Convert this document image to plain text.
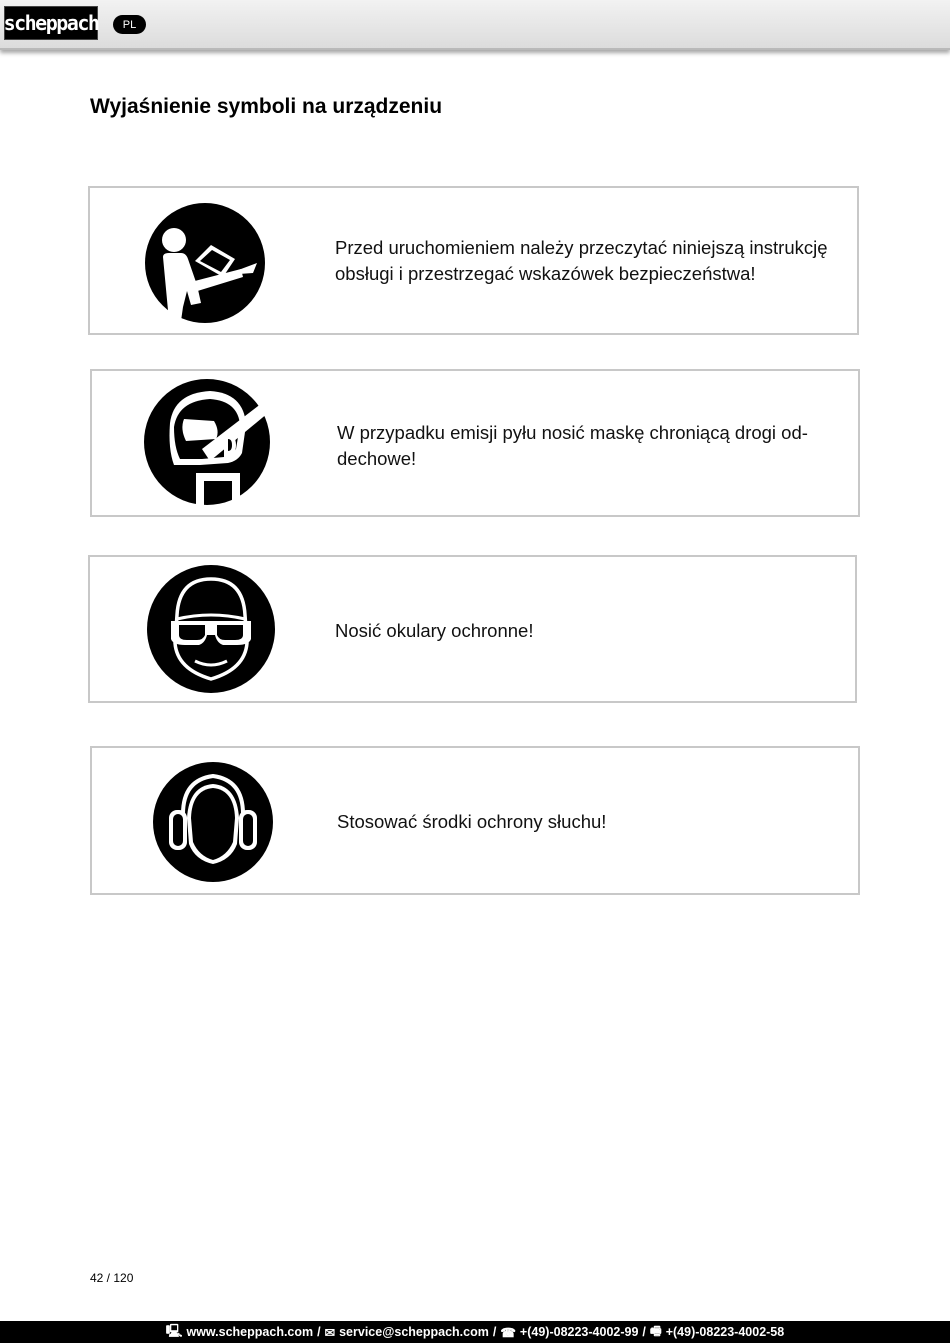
scheppach	PL
Wyjaśnienie symboli na urządzeniu
Przed uruchomieniem należy przeczytać niniejszą instrukcję obsługi i przestrzegać wskazówek bezpieczeństwa!
W przypadku emisji pyłu nosić maskę chroniącą drogi od-dechowe!
Nosić okulary ochronne!
Stosować środki ochrony słuchu!
42 / 120
🖳 www.scheppach.com / ✉ service@scheppach.com / ☎ +(49)-08223-4002-99 / 🖷 +(49)-08223-4002-58
